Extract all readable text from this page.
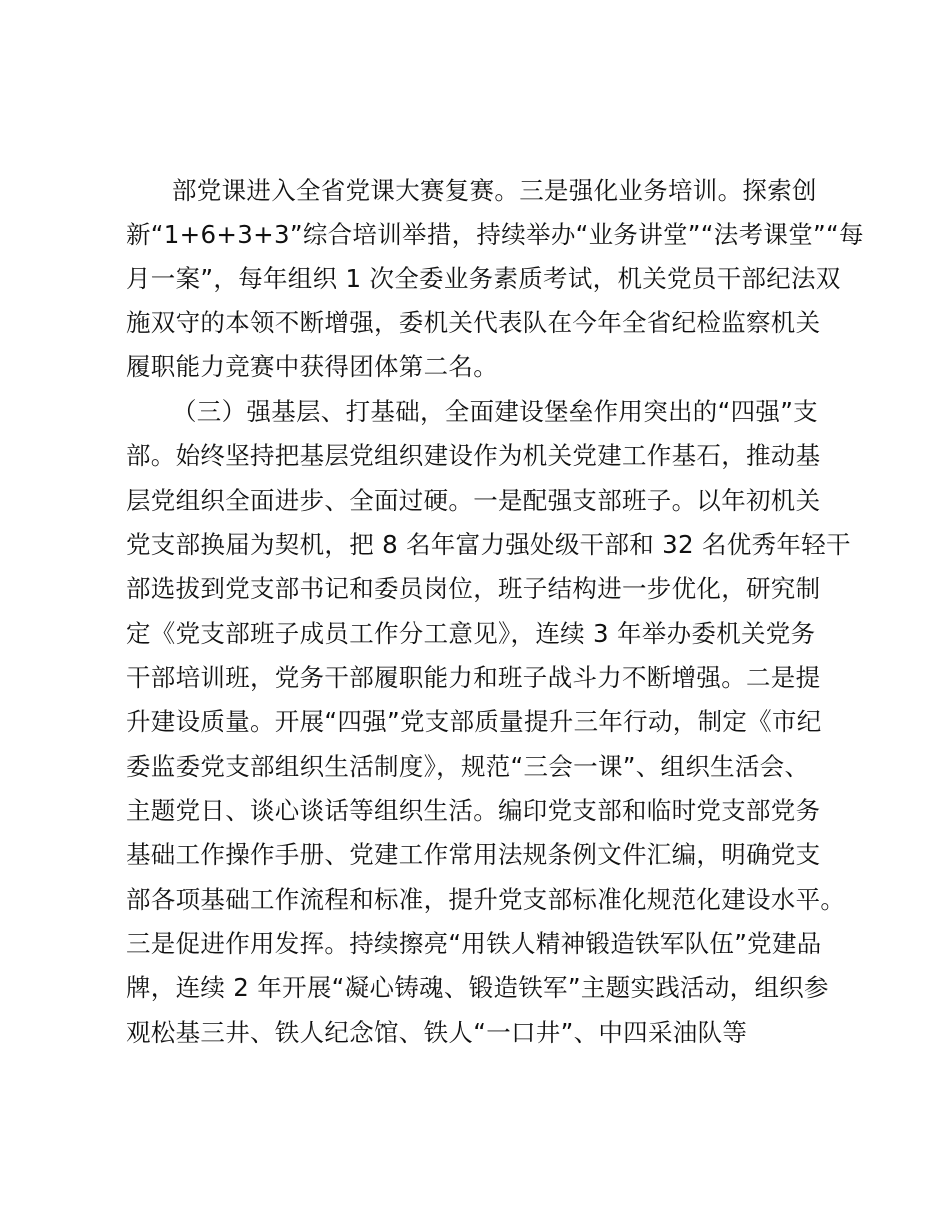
部党课进入全省党课大赛复赛。三是强化业务培训。探索创
新“1+6+3+3”综合培训举措，持续举办“业务讲堂”“法考课堂”“每
月一案”，每年组织 1 次全委业务素质考试，机关党员干部纪法双
施双守的本领不断增强，委机关代表队在今年全省纪检监察机关
履职能力竞赛中获得团体第二名。
（三）强基层、打基础，全面建设堡垒作用突出的“四强”支
部。始终坚持把基层党组织建设作为机关党建工作基石，推动基
层党组织全面进步、全面过硬。一是配强支部班子。以年初机关
党支部换届为契机，把 8 名年富力强处级干部和 32 名优秀年轻干
部选拔到党支部书记和委员岗位，班子结构进一步优化，研究制
定《党支部班子成员工作分工意见》，连续 3 年举办委机关党务
干部培训班，党务干部履职能力和班子战斗力不断增强。二是提
升建设质量。开展“四强”党支部质量提升三年行动，制定《市纪
委监委党支部组织生活制度》，规范“三会一课”、组织生活会、
主题党日、谈心谈话等组织生活。编印党支部和临时党支部党务
基础工作操作手册、党建工作常用法规条例文件汇编，明确党支
部各项基础工作流程和标准，提升党支部标准化规范化建设水平。
三是促进作用发挥。持续擦亮“用铁人精神锻造铁军队伍”党建品
牌，连续 2 年开展“凝心铸魂、锻造铁军”主题实践活动，组织参
观松基三井、铁人纪念馆、铁人“一口井”、中四采油队等
